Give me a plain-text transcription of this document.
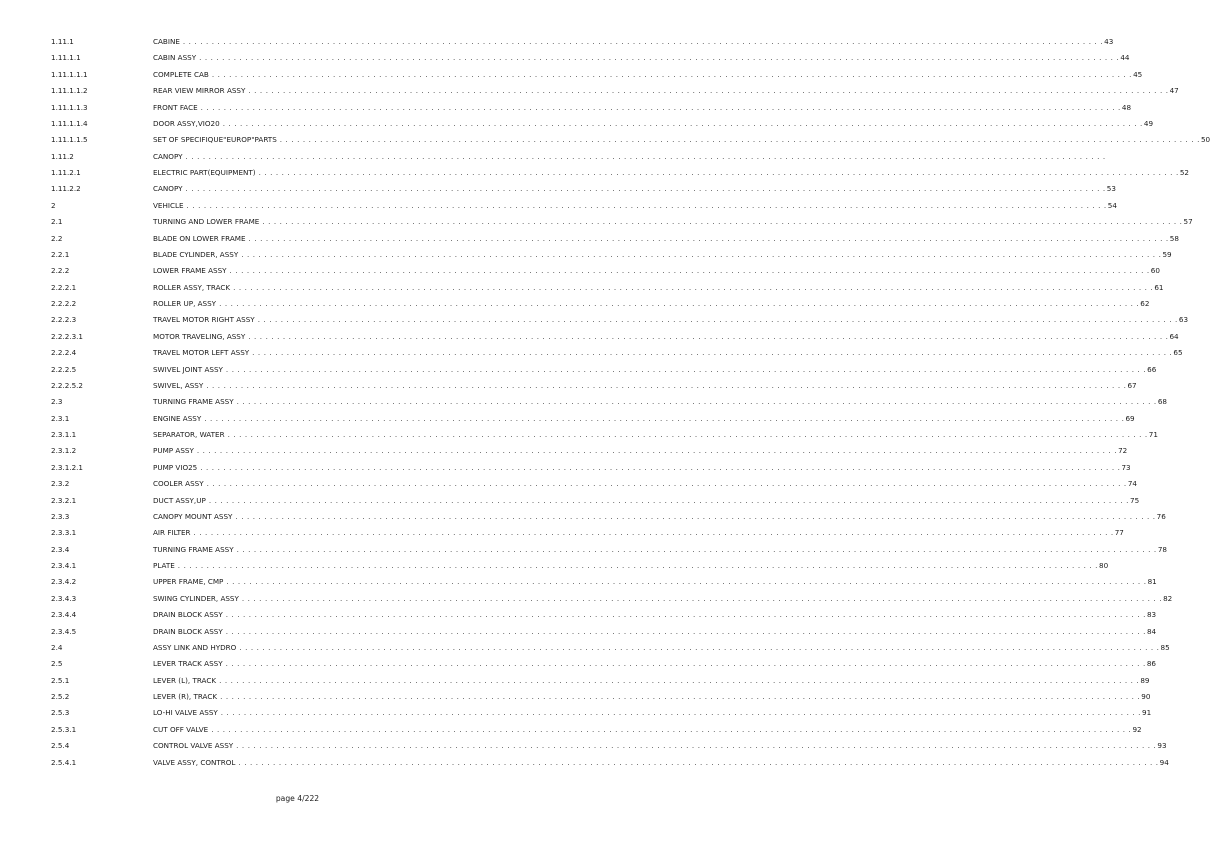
1.11.1	CABINE . . . . . . . . . . . . . . . . . . . . . . . . . . . . . . . . . . . . . . . . . . . . . . . . . . . . . . . . . . . . . . . . . . . . . . . . . . . . . . . . . . . . . . . . . . . . . . . . . . . . . . . . . . . . . . . . . . . . . . . . . . . . . . . . . . . . . . . . . . . . . . . . . . . . . . . . . . . . . . . . 43
1.11.1.1	CABIN ASSY . . . . . . . . . . . . . . . . . . . . . . . . . . . . . . . . . . . . . . . . . . . . . . . . . . . . . . . . . . . . . . . . . . . . . . . . . . . . . . . . . . . . . . . . . . . . . . . . . . . . . . . . . . . . . . . . . . . . . . . . . . . . . . . . . . . . . . . . . . . . . . . . . . . . . . . . . . . . . . . . 44
1.11.1.1.1	COMPLETE CAB . . . . . . . . . . . . . . . . . . . . . . . . . . . . . . . . . . . . . . . . . . . . . . . . . . . . . . . . . . . . . . . . . . . . . . . . . . . . . . . . . . . . . . . . . . . . . . . . . . . . . . . . . . . . . . . . . . . . . . . . . . . . . . . . . . . . . . . . . . . . . . . . . . . . . . . . . . . . . . . . 45
1.11.1.1.2	REAR VIEW MIRROR ASSY . . . . . . . . . . . . . . . . . . . . . . . . . . . . . . . . . . . . . . . . . . . . . . . . . . . . . . . . . . . . . . . . . . . . . . . . . . . . . . . . . . . . . . . . . . . . . . . . . . . . . . . . . . . . . . . . . . . . . . . . . . . . . . . . . . . . . . . . . . . . . . . . . . . . . . . . . . . . . . . . 47
1.11.1.1.3	FRONT FACE . . . . . . . . . . . . . . . . . . . . . . . . . . . . . . . . . . . . . . . . . . . . . . . . . . . . . . . . . . . . . . . . . . . . . . . . . . . . . . . . . . . . . . . . . . . . . . . . . . . . . . . . . . . . . . . . . . . . . . . . . . . . . . . . . . . . . . . . . . . . . . . . . . . . . . . . . . . . . . . . 48
1.11.1.1.4	DOOR ASSY,VIO20 . . . . . . . . . . . . . . . . . . . . . . . . . . . . . . . . . . . . . . . . . . . . . . . . . . . . . . . . . . . . . . . . . . . . . . . . . . . . . . . . . . . . . . . . . . . . . . . . . . . . . . . . . . . . . . . . . . . . . . . . . . . . . . . . . . . . . . . . . . . . . . . . . . . . . . . . . . . . . . . . 49
1.11.1.1.5	SET OF SPECIFIQUE"EUROP"PARTS . . . . . . . . . . . . . . . . . . . . . . . . . . . . . . . . . . . . . . . . . . . . . . . . . . . . . . . . . . . . . . . . . . . . . . . . . . . . . . . . . . . . . . . . . . . . . . . . . . . . . . . . . . . . . . . . . . . . . . . . . . . . . . . . . . . . . . . . . . . . . . . . . . . . . . . . . . . . . . . . 50
1.11.2	CANOPY . . . . . . . . . . . . . . . . . . . . . . . . . . . . . . . . . . . . . . . . . . . . . . . . . . . . . . . . . . . . . . . . . . . . . . . . . . . . . . . . . . . . . . . . . . . . . . . . . . . . . . . . . . . . . . . . . . . . . . . . . . . . . . . . . . . . . . . . . . . . . . . . . . . . . . . . . . . . . . . .
1.11.2.1	ELECTRIC PART(EQUIPMENT) . . . . . . . . . . . . . . . . . . . . . . . . . . . . . . . . . . . . . . . . . . . . . . . . . . . . . . . . . . . . . . . . . . . . . . . . . . . . . . . . . . . . . . . . . . . . . . . . . . . . . . . . . . . . . . . . . . . . . . . . . . . . . . . . . . . . . . . . . . . . . . . . . . . . . . . . . . . . . . . . 52
1.11.2.2	CANOPY . . . . . . . . . . . . . . . . . . . . . . . . . . . . . . . . . . . . . . . . . . . . . . . . . . . . . . . . . . . . . . . . . . . . . . . . . . . . . . . . . . . . . . . . . . . . . . . . . . . . . . . . . . . . . . . . . . . . . . . . . . . . . . . . . . . . . . . . . . . . . . . . . . . . . . . . . . . . . . . . 53
2	VEHICLE . . . . . . . . . . . . . . . . . . . . . . . . . . . . . . . . . . . . . . . . . . . . . . . . . . . . . . . . . . . . . . . . . . . . . . . . . . . . . . . . . . . . . . . . . . . . . . . . . . . . . . . . . . . . . . . . . . . . . . . . . . . . . . . . . . . . . . . . . . . . . . . . . . . . . . . . . . . . . . . . 54
2.1	TURNING AND LOWER FRAME . . . . . . . . . . . . . . . . . . . . . . . . . . . . . . . . . . . . . . . . . . . . . . . . . . . . . . . . . . . . . . . . . . . . . . . . . . . . . . . . . . . . . . . . . . . . . . . . . . . . . . . . . . . . . . . . . . . . . . . . . . . . . . . . . . . . . . . . . . . . . . . . . . . . . . . . . . . . . . . . 57
2.2	BLADE ON LOWER FRAME . . . . . . . . . . . . . . . . . . . . . . . . . . . . . . . . . . . . . . . . . . . . . . . . . . . . . . . . . . . . . . . . . . . . . . . . . . . . . . . . . . . . . . . . . . . . . . . . . . . . . . . . . . . . . . . . . . . . . . . . . . . . . . . . . . . . . . . . . . . . . . . . . . . . . . . . . . . . . . . . 58
2.2.1	BLADE CYLINDER, ASSY . . . . . . . . . . . . . . . . . . . . . . . . . . . . . . . . . . . . . . . . . . . . . . . . . . . . . . . . . . . . . . . . . . . . . . . . . . . . . . . . . . . . . . . . . . . . . . . . . . . . . . . . . . . . . . . . . . . . . . . . . . . . . . . . . . . . . . . . . . . . . . . . . . . . . . . . . . . . . . . . 59
2.2.2	LOWER FRAME ASSY . . . . . . . . . . . . . . . . . . . . . . . . . . . . . . . . . . . . . . . . . . . . . . . . . . . . . . . . . . . . . . . . . . . . . . . . . . . . . . . . . . . . . . . . . . . . . . . . . . . . . . . . . . . . . . . . . . . . . . . . . . . . . . . . . . . . . . . . . . . . . . . . . . . . . . . . . . . . . . . . 60
2.2.2.1	ROLLER ASSY, TRACK . . . . . . . . . . . . . . . . . . . . . . . . . . . . . . . . . . . . . . . . . . . . . . . . . . . . . . . . . . . . . . . . . . . . . . . . . . . . . . . . . . . . . . . . . . . . . . . . . . . . . . . . . . . . . . . . . . . . . . . . . . . . . . . . . . . . . . . . . . . . . . . . . . . . . . . . . . . . . . . . 61
2.2.2.2	ROLLER UP, ASSY . . . . . . . . . . . . . . . . . . . . . . . . . . . . . . . . . . . . . . . . . . . . . . . . . . . . . . . . . . . . . . . . . . . . . . . . . . . . . . . . . . . . . . . . . . . . . . . . . . . . . . . . . . . . . . . . . . . . . . . . . . . . . . . . . . . . . . . . . . . . . . . . . . . . . . . . . . . . . . . . 62
2.2.2.3	TRAVEL MOTOR RIGHT ASSY . . . . . . . . . . . . . . . . . . . . . . . . . . . . . . . . . . . . . . . . . . . . . . . . . . . . . . . . . . . . . . . . . . . . . . . . . . . . . . . . . . . . . . . . . . . . . . . . . . . . . . . . . . . . . . . . . . . . . . . . . . . . . . . . . . . . . . . . . . . . . . . . . . . . . . . . . . . . . . . . 63
2.2.2.3.1	MOTOR TRAVELING, ASSY . . . . . . . . . . . . . . . . . . . . . . . . . . . . . . . . . . . . . . . . . . . . . . . . . . . . . . . . . . . . . . . . . . . . . . . . . . . . . . . . . . . . . . . . . . . . . . . . . . . . . . . . . . . . . . . . . . . . . . . . . . . . . . . . . . . . . . . . . . . . . . . . . . . . . . . . . . . . . . . . 64
2.2.2.4	TRAVEL MOTOR LEFT ASSY . . . . . . . . . . . . . . . . . . . . . . . . . . . . . . . . . . . . . . . . . . . . . . . . . . . . . . . . . . . . . . . . . . . . . . . . . . . . . . . . . . . . . . . . . . . . . . . . . . . . . . . . . . . . . . . . . . . . . . . . . . . . . . . . . . . . . . . . . . . . . . . . . . . . . . . . . . . . . . . . 65
2.2.2.5	SWIVEL JOINT ASSY . . . . . . . . . . . . . . . . . . . . . . . . . . . . . . . . . . . . . . . . . . . . . . . . . . . . . . . . . . . . . . . . . . . . . . . . . . . . . . . . . . . . . . . . . . . . . . . . . . . . . . . . . . . . . . . . . . . . . . . . . . . . . . . . . . . . . . . . . . . . . . . . . . . . . . . . . . . . . . . . 66
2.2.2.5.2	SWIVEL, ASSY . . . . . . . . . . . . . . . . . . . . . . . . . . . . . . . . . . . . . . . . . . . . . . . . . . . . . . . . . . . . . . . . . . . . . . . . . . . . . . . . . . . . . . . . . . . . . . . . . . . . . . . . . . . . . . . . . . . . . . . . . . . . . . . . . . . . . . . . . . . . . . . . . . . . . . . . . . . . . . . . 67
2.3	TURNING FRAME ASSY . . . . . . . . . . . . . . . . . . . . . . . . . . . . . . . . . . . . . . . . . . . . . . . . . . . . . . . . . . . . . . . . . . . . . . . . . . . . . . . . . . . . . . . . . . . . . . . . . . . . . . . . . . . . . . . . . . . . . . . . . . . . . . . . . . . . . . . . . . . . . . . . . . . . . . . . . . . . . . . . 68
2.3.1	ENGINE ASSY . . . . . . . . . . . . . . . . . . . . . . . . . . . . . . . . . . . . . . . . . . . . . . . . . . . . . . . . . . . . . . . . . . . . . . . . . . . . . . . . . . . . . . . . . . . . . . . . . . . . . . . . . . . . . . . . . . . . . . . . . . . . . . . . . . . . . . . . . . . . . . . . . . . . . . . . . . . . . . . . 69
2.3.1.1	SEPARATOR, WATER . . . . . . . . . . . . . . . . . . . . . . . . . . . . . . . . . . . . . . . . . . . . . . . . . . . . . . . . . . . . . . . . . . . . . . . . . . . . . . . . . . . . . . . . . . . . . . . . . . . . . . . . . . . . . . . . . . . . . . . . . . . . . . . . . . . . . . . . . . . . . . . . . . . . . . . . . . . . . . . . 71
2.3.1.2	PUMP ASSY . . . . . . . . . . . . . . . . . . . . . . . . . . . . . . . . . . . . . . . . . . . . . . . . . . . . . . . . . . . . . . . . . . . . . . . . . . . . . . . . . . . . . . . . . . . . . . . . . . . . . . . . . . . . . . . . . . . . . . . . . . . . . . . . . . . . . . . . . . . . . . . . . . . . . . . . . . . . . . . . 72
2.3.1.2.1	PUMP VIO25 . . . . . . . . . . . . . . . . . . . . . . . . . . . . . . . . . . . . . . . . . . . . . . . . . . . . . . . . . . . . . . . . . . . . . . . . . . . . . . . . . . . . . . . . . . . . . . . . . . . . . . . . . . . . . . . . . . . . . . . . . . . . . . . . . . . . . . . . . . . . . . . . . . . . . . . . . . . . . . . . 73
2.3.2	COOLER ASSY . . . . . . . . . . . . . . . . . . . . . . . . . . . . . . . . . . . . . . . . . . . . . . . . . . . . . . . . . . . . . . . . . . . . . . . . . . . . . . . . . . . . . . . . . . . . . . . . . . . . . . . . . . . . . . . . . . . . . . . . . . . . . . . . . . . . . . . . . . . . . . . . . . . . . . . . . . . . . . . . 74
2.3.2.1	DUCT ASSY,UP . . . . . . . . . . . . . . . . . . . . . . . . . . . . . . . . . . . . . . . . . . . . . . . . . . . . . . . . . . . . . . . . . . . . . . . . . . . . . . . . . . . . . . . . . . . . . . . . . . . . . . . . . . . . . . . . . . . . . . . . . . . . . . . . . . . . . . . . . . . . . . . . . . . . . . . . . . . . . . . . 75
2.3.3	CANOPY MOUNT ASSY . . . . . . . . . . . . . . . . . . . . . . . . . . . . . . . . . . . . . . . . . . . . . . . . . . . . . . . . . . . . . . . . . . . . . . . . . . . . . . . . . . . . . . . . . . . . . . . . . . . . . . . . . . . . . . . . . . . . . . . . . . . . . . . . . . . . . . . . . . . . . . . . . . . . . . . . . . . . . . . . 76
2.3.3.1	AIR FILTER . . . . . . . . . . . . . . . . . . . . . . . . . . . . . . . . . . . . . . . . . . . . . . . . . . . . . . . . . . . . . . . . . . . . . . . . . . . . . . . . . . . . . . . . . . . . . . . . . . . . . . . . . . . . . . . . . . . . . . . . . . . . . . . . . . . . . . . . . . . . . . . . . . . . . . . . . . . . . . . . 77
2.3.4	TURNING FRAME ASSY . . . . . . . . . . . . . . . . . . . . . . . . . . . . . . . . . . . . . . . . . . . . . . . . . . . . . . . . . . . . . . . . . . . . . . . . . . . . . . . . . . . . . . . . . . . . . . . . . . . . . . . . . . . . . . . . . . . . . . . . . . . . . . . . . . . . . . . . . . . . . . . . . . . . . . . . . . . . . . . . 78
2.3.4.1	PLATE . . . . . . . . . . . . . . . . . . . . . . . . . . . . . . . . . . . . . . . . . . . . . . . . . . . . . . . . . . . . . . . . . . . . . . . . . . . . . . . . . . . . . . . . . . . . . . . . . . . . . . . . . . . . . . . . . . . . . . . . . . . . . . . . . . . . . . . . . . . . . . . . . . . . . . . . . . . . . . . . 80
2.3.4.2	UPPER FRAME, CMP . . . . . . . . . . . . . . . . . . . . . . . . . . . . . . . . . . . . . . . . . . . . . . . . . . . . . . . . . . . . . . . . . . . . . . . . . . . . . . . . . . . . . . . . . . . . . . . . . . . . . . . . . . . . . . . . . . . . . . . . . . . . . . . . . . . . . . . . . . . . . . . . . . . . . . . . . . . . . . . . 81
2.3.4.3	SWING CYLINDER, ASSY . . . . . . . . . . . . . . . . . . . . . . . . . . . . . . . . . . . . . . . . . . . . . . . . . . . . . . . . . . . . . . . . . . . . . . . . . . . . . . . . . . . . . . . . . . . . . . . . . . . . . . . . . . . . . . . . . . . . . . . . . . . . . . . . . . . . . . . . . . . . . . . . . . . . . . . . . . . . . . . . 82
2.3.4.4	DRAIN BLOCK ASSY . . . . . . . . . . . . . . . . . . . . . . . . . . . . . . . . . . . . . . . . . . . . . . . . . . . . . . . . . . . . . . . . . . . . . . . . . . . . . . . . . . . . . . . . . . . . . . . . . . . . . . . . . . . . . . . . . . . . . . . . . . . . . . . . . . . . . . . . . . . . . . . . . . . . . . . . . . . . . . . . 83
2.3.4.5	DRAIN BLOCK ASSY . . . . . . . . . . . . . . . . . . . . . . . . . . . . . . . . . . . . . . . . . . . . . . . . . . . . . . . . . . . . . . . . . . . . . . . . . . . . . . . . . . . . . . . . . . . . . . . . . . . . . . . . . . . . . . . . . . . . . . . . . . . . . . . . . . . . . . . . . . . . . . . . . . . . . . . . . . . . . . . . 84
2.4	ASSY LINK AND HYDRO . . . . . . . . . . . . . . . . . . . . . . . . . . . . . . . . . . . . . . . . . . . . . . . . . . . . . . . . . . . . . . . . . . . . . . . . . . . . . . . . . . . . . . . . . . . . . . . . . . . . . . . . . . . . . . . . . . . . . . . . . . . . . . . . . . . . . . . . . . . . . . . . . . . . . . . . . . . . . . . . 85
2.5	LEVER TRACK ASSY . . . . . . . . . . . . . . . . . . . . . . . . . . . . . . . . . . . . . . . . . . . . . . . . . . . . . . . . . . . . . . . . . . . . . . . . . . . . . . . . . . . . . . . . . . . . . . . . . . . . . . . . . . . . . . . . . . . . . . . . . . . . . . . . . . . . . . . . . . . . . . . . . . . . . . . . . . . . . . . . 86
2.5.1	LEVER (L), TRACK . . . . . . . . . . . . . . . . . . . . . . . . . . . . . . . . . . . . . . . . . . . . . . . . . . . . . . . . . . . . . . . . . . . . . . . . . . . . . . . . . . . . . . . . . . . . . . . . . . . . . . . . . . . . . . . . . . . . . . . . . . . . . . . . . . . . . . . . . . . . . . . . . . . . . . . . . . . . . . . . 89
2.5.2	LEVER (R), TRACK . . . . . . . . . . . . . . . . . . . . . . . . . . . . . . . . . . . . . . . . . . . . . . . . . . . . . . . . . . . . . . . . . . . . . . . . . . . . . . . . . . . . . . . . . . . . . . . . . . . . . . . . . . . . . . . . . . . . . . . . . . . . . . . . . . . . . . . . . . . . . . . . . . . . . . . . . . . . . . . . 90
2.5.3	LO-HI VALVE ASSY . . . . . . . . . . . . . . . . . . . . . . . . . . . . . . . . . . . . . . . . . . . . . . . . . . . . . . . . . . . . . . . . . . . . . . . . . . . . . . . . . . . . . . . . . . . . . . . . . . . . . . . . . . . . . . . . . . . . . . . . . . . . . . . . . . . . . . . . . . . . . . . . . . . . . . . . . . . . . . . . 91
2.5.3.1	CUT OFF VALVE . . . . . . . . . . . . . . . . . . . . . . . . . . . . . . . . . . . . . . . . . . . . . . . . . . . . . . . . . . . . . . . . . . . . . . . . . . . . . . . . . . . . . . . . . . . . . . . . . . . . . . . . . . . . . . . . . . . . . . . . . . . . . . . . . . . . . . . . . . . . . . . . . . . . . . . . . . . . . . . . 92
2.5.4	CONTROL VALVE ASSY . . . . . . . . . . . . . . . . . . . . . . . . . . . . . . . . . . . . . . . . . . . . . . . . . . . . . . . . . . . . . . . . . . . . . . . . . . . . . . . . . . . . . . . . . . . . . . . . . . . . . . . . . . . . . . . . . . . . . . . . . . . . . . . . . . . . . . . . . . . . . . . . . . . . . . . . . . . . . . . . 93
2.5.4.1	VALVE ASSY, CONTROL . . . . . . . . . . . . . . . . . . . . . . . . . . . . . . . . . . . . . . . . . . . . . . . . . . . . . . . . . . . . . . . . . . . . . . . . . . . . . . . . . . . . . . . . . . . . . . . . . . . . . . . . . . . . . . . . . . . . . . . . . . . . . . . . . . . . . . . . . . . . . . . . . . . . . . . . . . . . . . . . 94
page 4/222
